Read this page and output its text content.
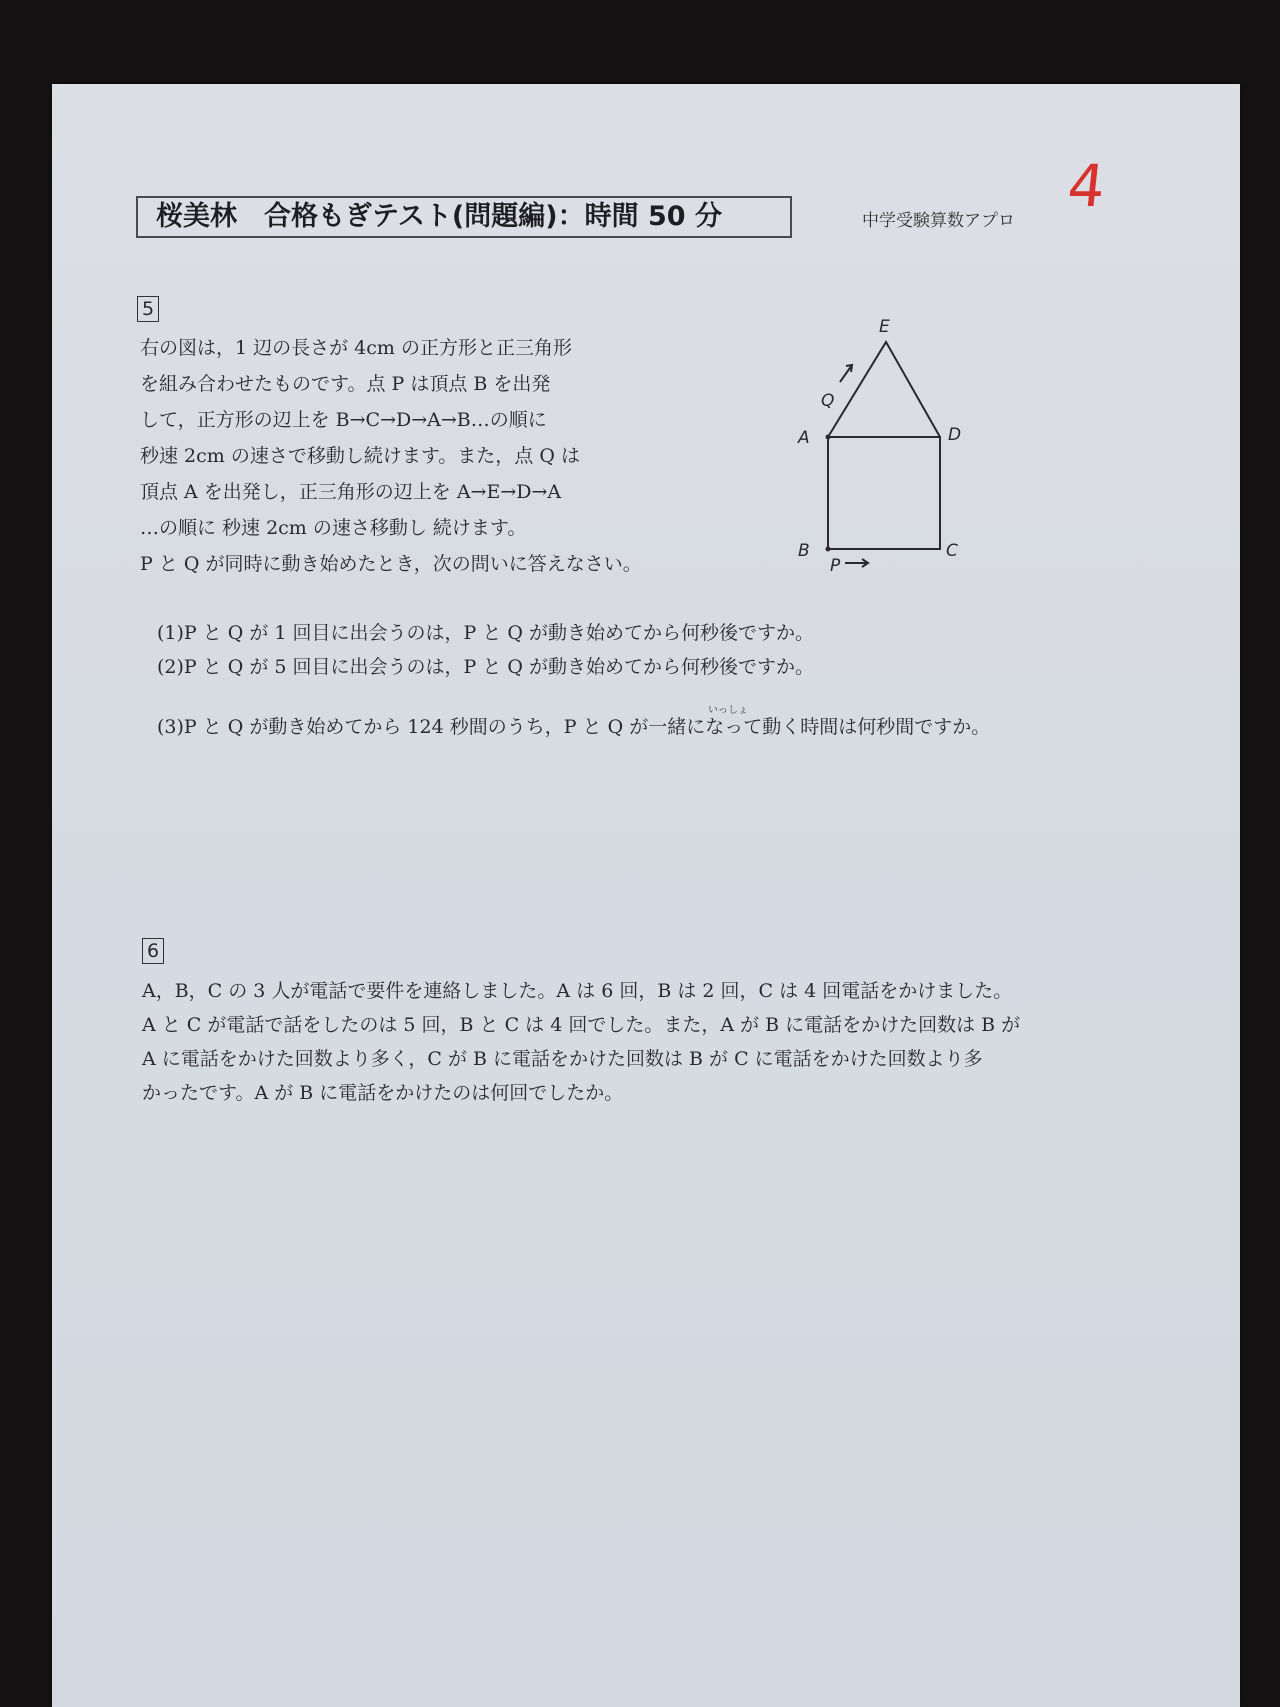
桜美林　合格もぎテスト(問題編)：時間 50 分	中学受験算数アプロ
4
5
右の図は，1 辺の長さが 4cm の正方形と正三角形
を組み合わせたものです。点 P は頂点 B を出発
して，正方形の辺上を B→C→D→A→B…の順に
秒速 2cm の速さで移動し続けます。また，点 Q は
頂点 A を出発し，正三角形の辺上を A→E→D→A
…の順に 秒速 2cm の速さ移動し 続けます。
P と Q が同時に動き始めたとき，次の問いに答えなさい。
E
A	D
B	C
P
Q
(1)P と Q が 1 回目に出会うのは，P と Q が動き始めてから何秒後ですか。
(2)P と Q が 5 回目に出会うのは，P と Q が動き始めてから何秒後ですか。
いっしょ
(3)P と Q が動き始めてから 124 秒間のうち，P と Q が一緒になって動く時間は何秒間ですか。
6
A，B，C の 3 人が電話で要件を連絡しました。A は 6 回，B は 2 回，C は 4 回電話をかけました。
A と C が電話で話をしたのは 5 回，B と C は 4 回でした。また，A が B に電話をかけた回数は B が
A に電話をかけた回数より多く，C が B に電話をかけた回数は B が C に電話をかけた回数より多
かったです。A が B に電話をかけたのは何回でしたか。
